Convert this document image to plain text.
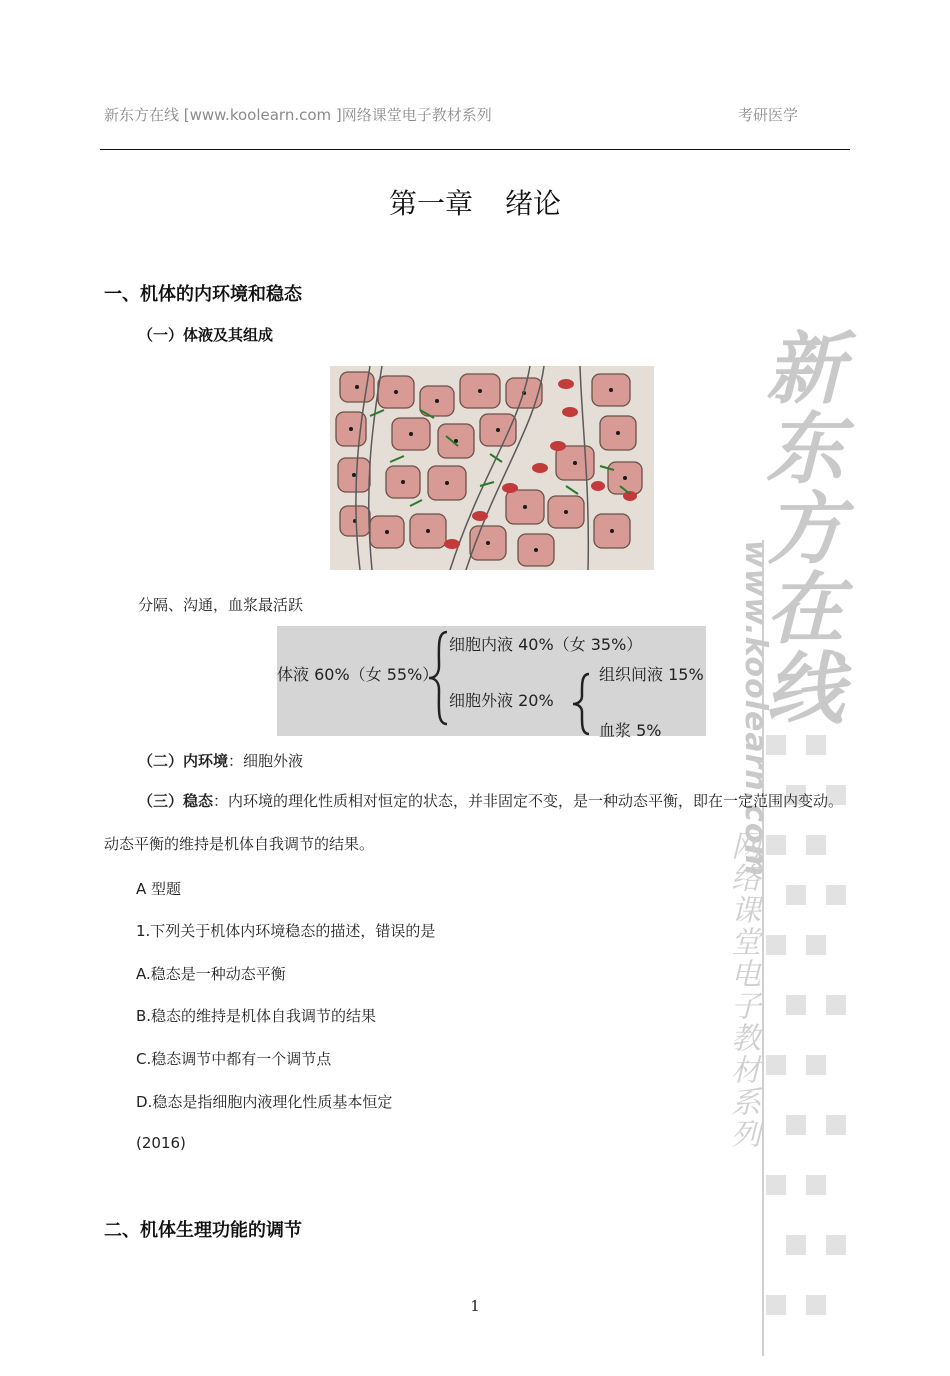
新东方在线
www.koolearn.com
网络课堂电子教材系列
新东方在线 [www.koolearn.com ]网络课堂电子教材系列	考研医学
第一章 绪论
一、机体的内环境和稳态
（一）体液及其组成
分隔、沟通，血浆最活跃
体液 60%（女 55%）
细胞内液 40%（女 35%）
细胞外液 20%
组织间液 15%
血浆 5%
（二）内环境：细胞外液
（三）稳态：内环境的理化性质相对恒定的状态，并非固定不变，是一种动态平衡，即在一定范围内变动。动态平衡的维持是机体自我调节的结果。
A 型题
1.下列关于机体内环境稳态的描述，错误的是
A.稳态是一种动态平衡
B.稳态的维持是机体自我调节的结果
C.稳态调节中都有一个调节点
D.稳态是指细胞内液理化性质基本恒定
(2016)
二、机体生理功能的调节
1
